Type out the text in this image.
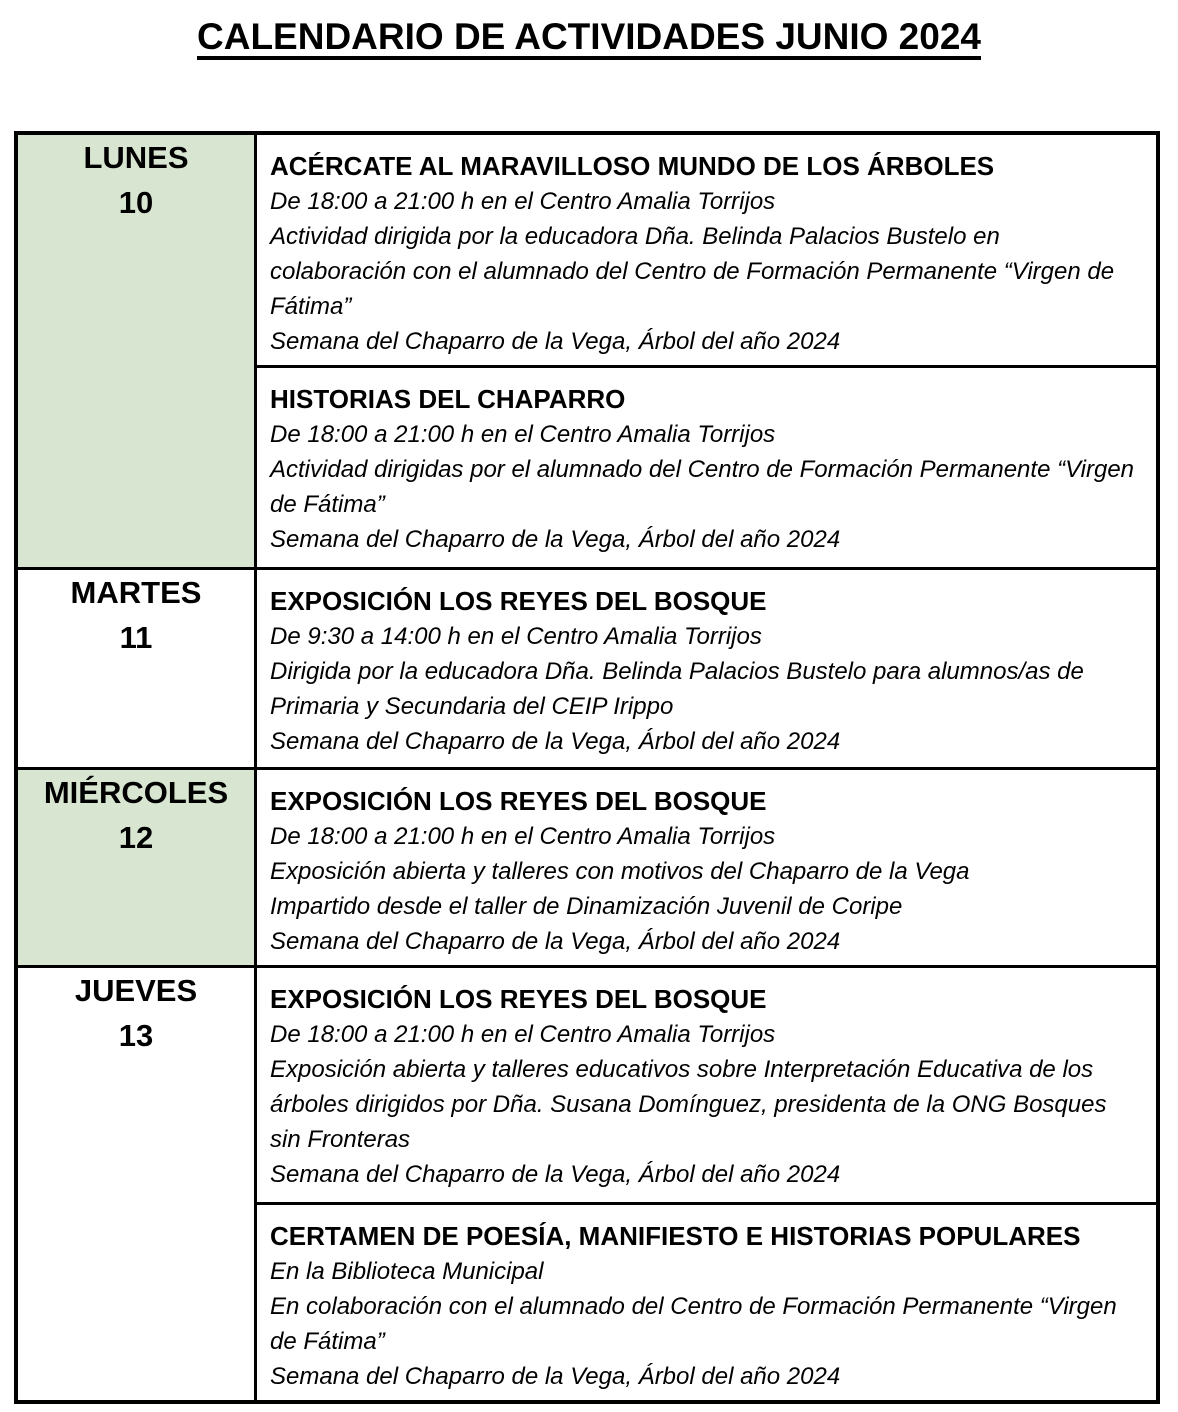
CALENDARIO DE ACTIVIDADES JUNIO 2024
LUNES
10

ACÉRCATE AL MARAVILLOSO MUNDO DE LOS ÁRBOLES
De 18:00 a 21:00 h en el Centro Amalia Torrijos
Actividad dirigida por la educadora Dña. Belinda Palacios Bustelo en colaboración con el alumnado del Centro de Formación Permanente “Virgen de Fátima”
Semana del Chaparro de la Vega, Árbol del año 2024

	HISTORIAS DEL CHAPARRO
De 18:00 a 21:00 h en el Centro Amalia Torrijos
Actividad dirigidas por el alumnado del Centro de Formación Permanente “Virgen de Fátima”
Semana del Chaparro de la Vega, Árbol del año 2024

MARTES
11

EXPOSICIÓN LOS REYES DEL BOSQUE
De 9:30 a 14:00 h en el Centro Amalia Torrijos
Dirigida por la educadora Dña. Belinda Palacios Bustelo para alumnos/as de Primaria y Secundaria del CEIP Irippo
Semana del Chaparro de la Vega, Árbol del año 2024

MIÉRCOLES
12

EXPOSICIÓN LOS REYES DEL BOSQUE
De 18:00 a 21:00 h en el Centro Amalia Torrijos
Exposición abierta y talleres con motivos del Chaparro de la Vega
Impartido desde el taller de Dinamización Juvenil de Coripe
Semana del Chaparro de la Vega, Árbol del año 2024

JUEVES
13

EXPOSICIÓN LOS REYES DEL BOSQUE
De 18:00 a 21:00 h en el Centro Amalia Torrijos
Exposición abierta y talleres educativos sobre Interpretación Educativa de los árboles dirigidos por Dña. Susana Domínguez, presidenta de la ONG Bosques sin Fronteras
Semana del Chaparro de la Vega, Árbol del año 2024

	CERTAMEN DE POESÍA, MANIFIESTO E HISTORIAS POPULARES
En la Biblioteca Municipal
En colaboración con el alumnado del Centro de Formación Permanente “Virgen de Fátima”
Semana del Chaparro de la Vega, Árbol del año 2024
